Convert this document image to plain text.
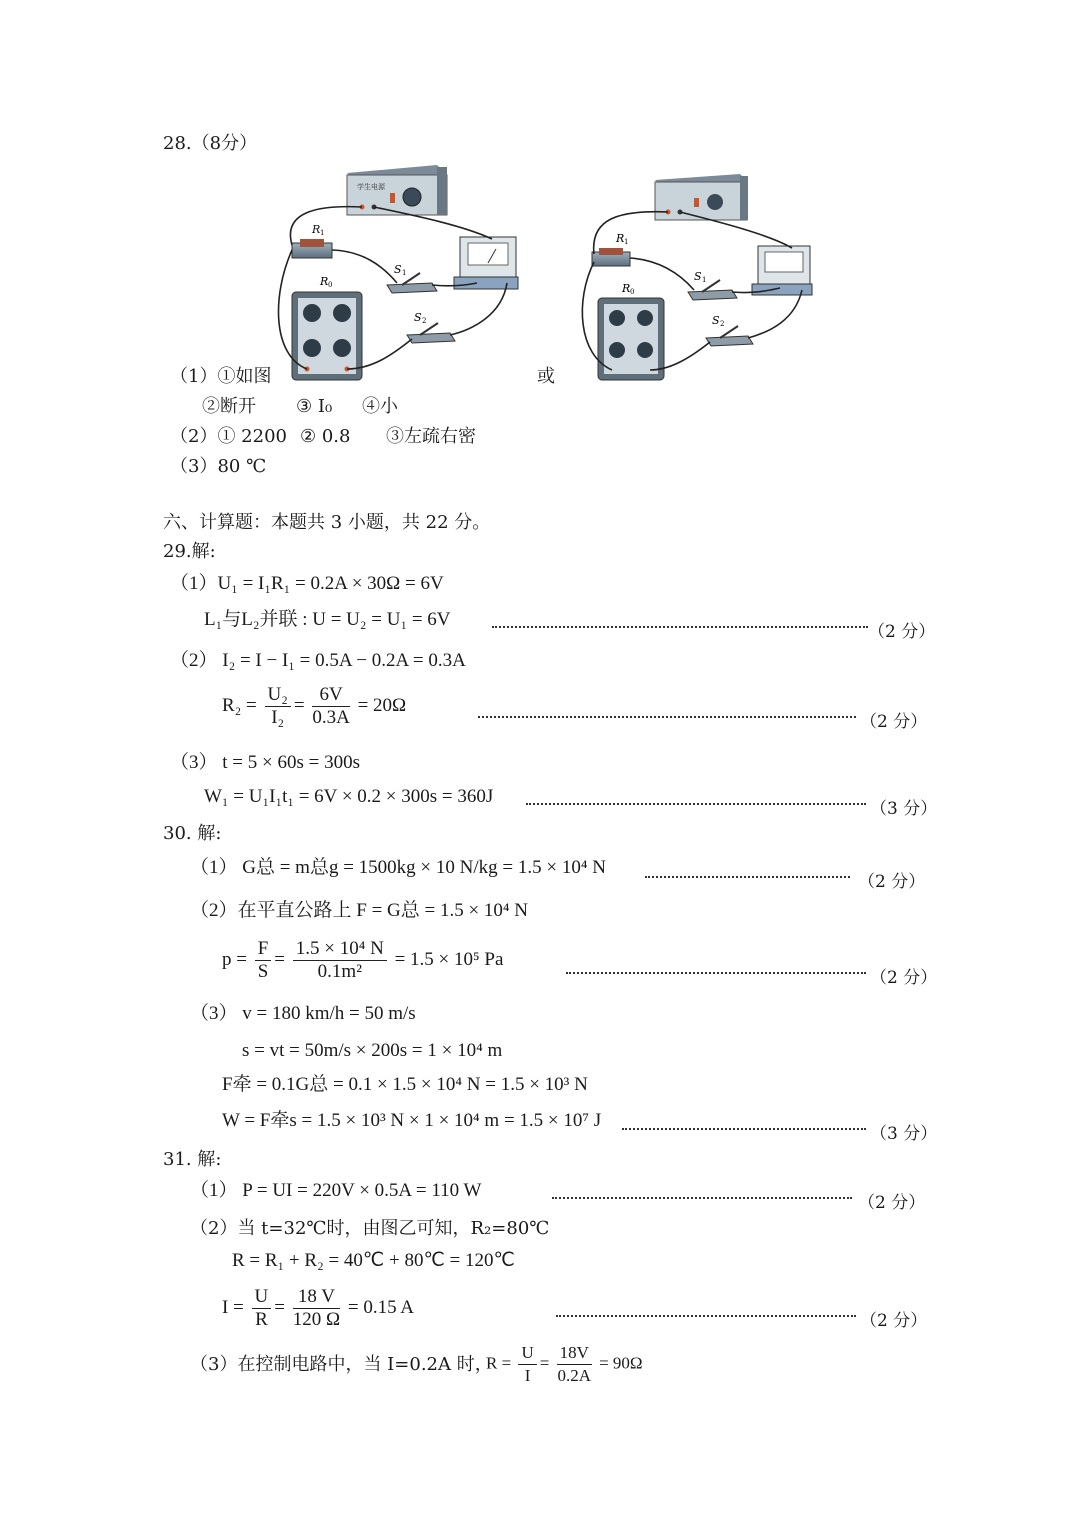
28.（8分）
学生电源
R 1
R 0
S 1
S 2
R 1
R 0
S 1
S 2
（1）①如图	或
②断开 ③ I₀ ④小
（2）① 2200 ② 0.8 ③左疏右密
（3）80 ℃
六、计算题：本题共 3 小题，共 22 分。
29.解:
（1）U₁ = I₁R₁ = 0.2A × 30Ω = 6V
L₁与L₂并联 : U = U₂ = U₁ = 6V
（2 分）
（2） I₂ = I − I₁ = 0.5A − 0.2A = 0.3A
$R_2 = \frac{\text{U₂}}{\text{I₂}} = \frac{6V}{0.3A} = 20\Omega$
（2 分）
（3） t = 5 × 60s = 300s
W₁ = U₁I₁t₁ = 6V × 0.2 × 300s = 360J
（3 分）
30. 解:
（1） G总 = m总g = 1500kg × 10 N/kg = 1.5 × 10⁴ N
（2 分）
（2）在平直公路上 F = G总 = 1.5 × 10⁴ N
$p = \frac{F}{S} = \frac{\text{1.5 × 10⁴ N}}{\text{0.1m²}} = 1.5 \times 10^5$ Pa
（2 分）
（3） v = 180 km/h = 50 m/s
s = vt = 50m/s × 200s = 1 × 10⁴ m
F牵 = 0.1G总 = 0.1 × 1.5 × 10⁴ N = 1.5 × 10³ N
W = F牵s = 1.5 × 10³ N × 1 × 10⁴ m = 1.5 × 10⁷ J
（3 分）
31. 解:
（1） P = UI = 220V × 0.5A = 110 W
（2 分）
（2）当 t=32℃时，由图乙可知，R₂=80℃
R = R₁ + R₂ = 40℃ + 80℃ = 120℃
$I = \frac{U}{R} = \frac{18 V}{120 \Omega} = 0.15$ A
（2 分）
（3）在控制电路中，当 I=0.2A 时，
$R = \frac{U}{I} = \frac{18V}{0.2A} = 90\Omega$
